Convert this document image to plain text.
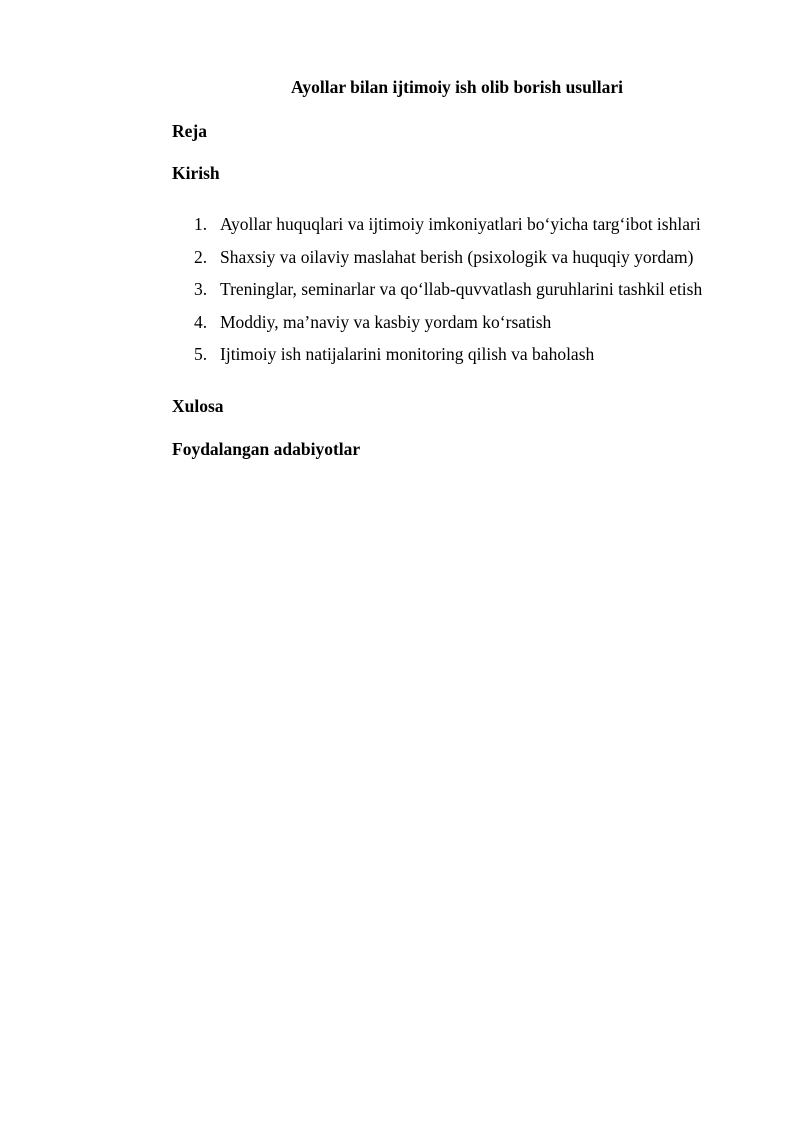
Ayollar bilan ijtimoiy ish olib borish usullari

Reja

Kirish

1. Ayollar huquqlari va ijtimoiy imkoniyatlari bo‘yicha targ‘ibot ishlari
2. Shaxsiy va oilaviy maslahat berish (psixologik va huquqiy yordam)
3. Treninglar, seminarlar va qo‘llab-quvvatlash guruhlarini tashkil etish
4. Moddiy, ma’naviy va kasbiy yordam ko‘rsatish
5. Ijtimoiy ish natijalarini monitoring qilish va baholash

Xulosa

Foydalangan adabiyotlar
